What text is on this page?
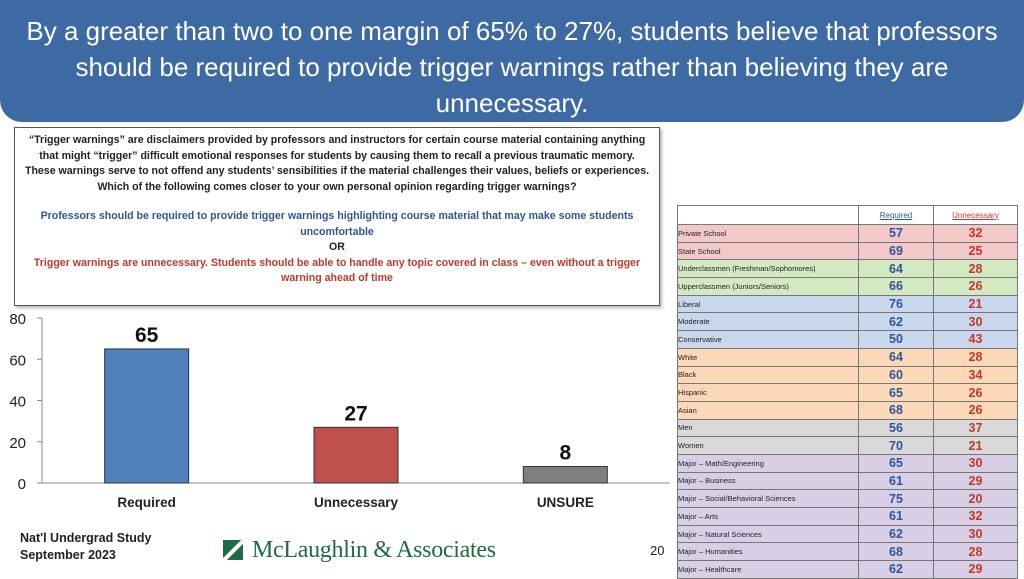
By a greater than two to one margin of 65% to 27%, students believe that professors should be required to provide trigger warnings rather than believing they are unnecessary.
“Trigger warnings” are disclaimers provided by professors and instructors for certain course material containing anything that might “trigger” difficult emotional responses for students by causing them to recall a previous traumatic memory. These warnings serve to not offend any students’ sensibilities if the material challenges their values, beliefs or experiences. Which of the following comes closer to your own personal opinion regarding trigger warnings?
Professors should be required to provide trigger warnings highlighting course material that may make some students uncomfortable
OR
Trigger warnings are unnecessary. Students should be able to handle any topic covered in class – even without a trigger warning ahead of time
0
20
40
60
80
65
Required
27
Unnecessary
8
UNSURE
	Required	Unnecessary
Private School	57	32
State School	69	25
Underclassmen (Freshman/Sophomores)	64	28
Upperclassmen (Juniors/Seniors)	66	26
Liberal	76	21
Moderate	62	30
Conservative	50	43
White	64	28
Black	60	34
Hispanic	65	26
Asian	68	26
Men	56	37
Women	70	21
Major – Math/Engineering	65	30
Major – Business	61	29
Major – Social/Behavioral Sciences	75	20
Major – Arts	61	32
Major – Natural Sciences	62	30
Major – Humanities	68	28
Major – Healthcare	62	29
Nat'l Undergrad Study
September 2023	McLaughlin & Associates	20
